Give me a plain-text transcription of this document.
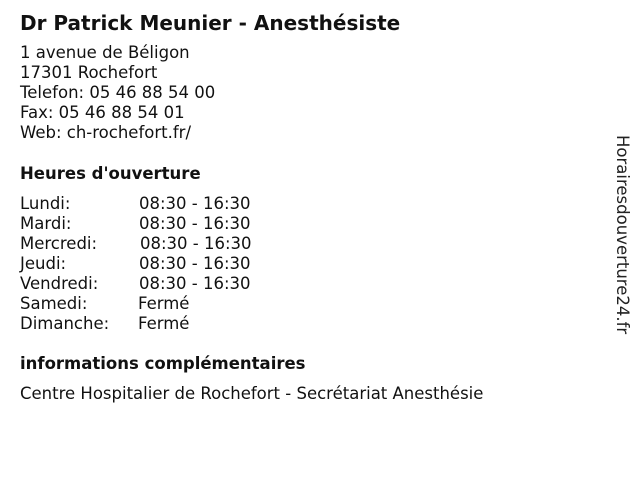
Dr Patrick Meunier - Anesthésiste
1 avenue de Béligon
17301 Rochefort
Telefon: 05 46 88 54 00
Fax: 05 46 88 54 01
Web: ch-rochefort.fr/
Heures d'ouverture
Lundi:	08:30 - 16:30
Mardi:	08:30 - 16:30
Mercredi:	08:30 - 16:30
Jeudi:	08:30 - 16:30
Vendredi: 08:30 - 16:30
Samedi:	Fermé
Dimanche: Fermé
informations complémentaires
Centre Hospitalier de Rochefort - Secrétariat Anesthésie
Horairesdouverture24.fr
